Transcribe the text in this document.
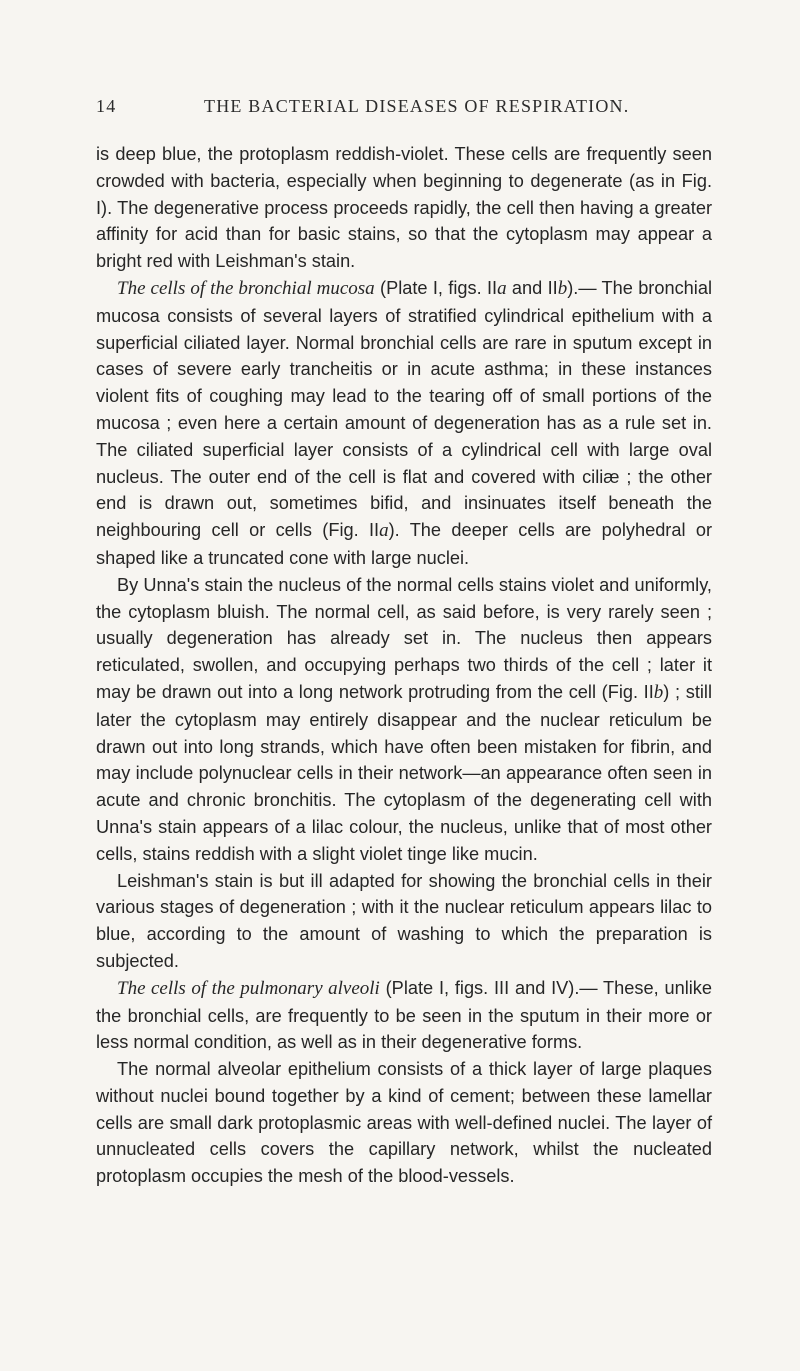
14	THE BACTERIAL DISEASES OF RESPIRATION.

is deep blue, the protoplasm reddish-violet. These cells are frequently seen crowded with bacteria, especially when beginning to degenerate (as in Fig. I). The degenerative process proceeds rapidly, the cell then having a greater affinity for acid than for basic stains, so that the cytoplasm may appear a bright red with Leishman's stain.

The cells of the bronchial mucosa (Plate I, figs. IIa and IIb).— The bronchial mucosa consists of several layers of stratified cylindrical epithelium with a superficial ciliated layer. Normal bronchial cells are rare in sputum except in cases of severe early trancheitis or in acute asthma; in these instances violent fits of coughing may lead to the tearing off of small portions of the mucosa ; even here a certain amount of degeneration has as a rule set in. The ciliated superficial layer consists of a cylindrical cell with large oval nucleus. The outer end of the cell is flat and covered with ciliæ ; the other end is drawn out, sometimes bifid, and insinuates itself beneath the neighbouring cell or cells (Fig. IIa). The deeper cells are polyhedral or shaped like a truncated cone with large nuclei.

By Unna's stain the nucleus of the normal cells stains violet and uniformly, the cytoplasm bluish. The normal cell, as said before, is very rarely seen ; usually degeneration has already set in. The nucleus then appears reticulated, swollen, and occupying perhaps two thirds of the cell ; later it may be drawn out into a long network protruding from the cell (Fig. IIb) ; still later the cytoplasm may entirely disappear and the nuclear reticulum be drawn out into long strands, which have often been mistaken for fibrin, and may include polynuclear cells in their network—an appearance often seen in acute and chronic bronchitis. The cytoplasm of the degenerating cell with Unna's stain appears of a lilac colour, the nucleus, unlike that of most other cells, stains reddish with a slight violet tinge like mucin.

Leishman's stain is but ill adapted for showing the bronchial cells in their various stages of degeneration ; with it the nuclear reticulum appears lilac to blue, according to the amount of washing to which the preparation is subjected.

The cells of the pulmonary alveoli (Plate I, figs. III and IV).— These, unlike the bronchial cells, are frequently to be seen in the sputum in their more or less normal condition, as well as in their degenerative forms.

The normal alveolar epithelium consists of a thick layer of large plaques without nuclei bound together by a kind of cement; between these lamellar cells are small dark protoplasmic areas with well-defined nuclei. The layer of unnucleated cells covers the capillary network, whilst the nucleated protoplasm occupies the mesh of the blood-vessels.
